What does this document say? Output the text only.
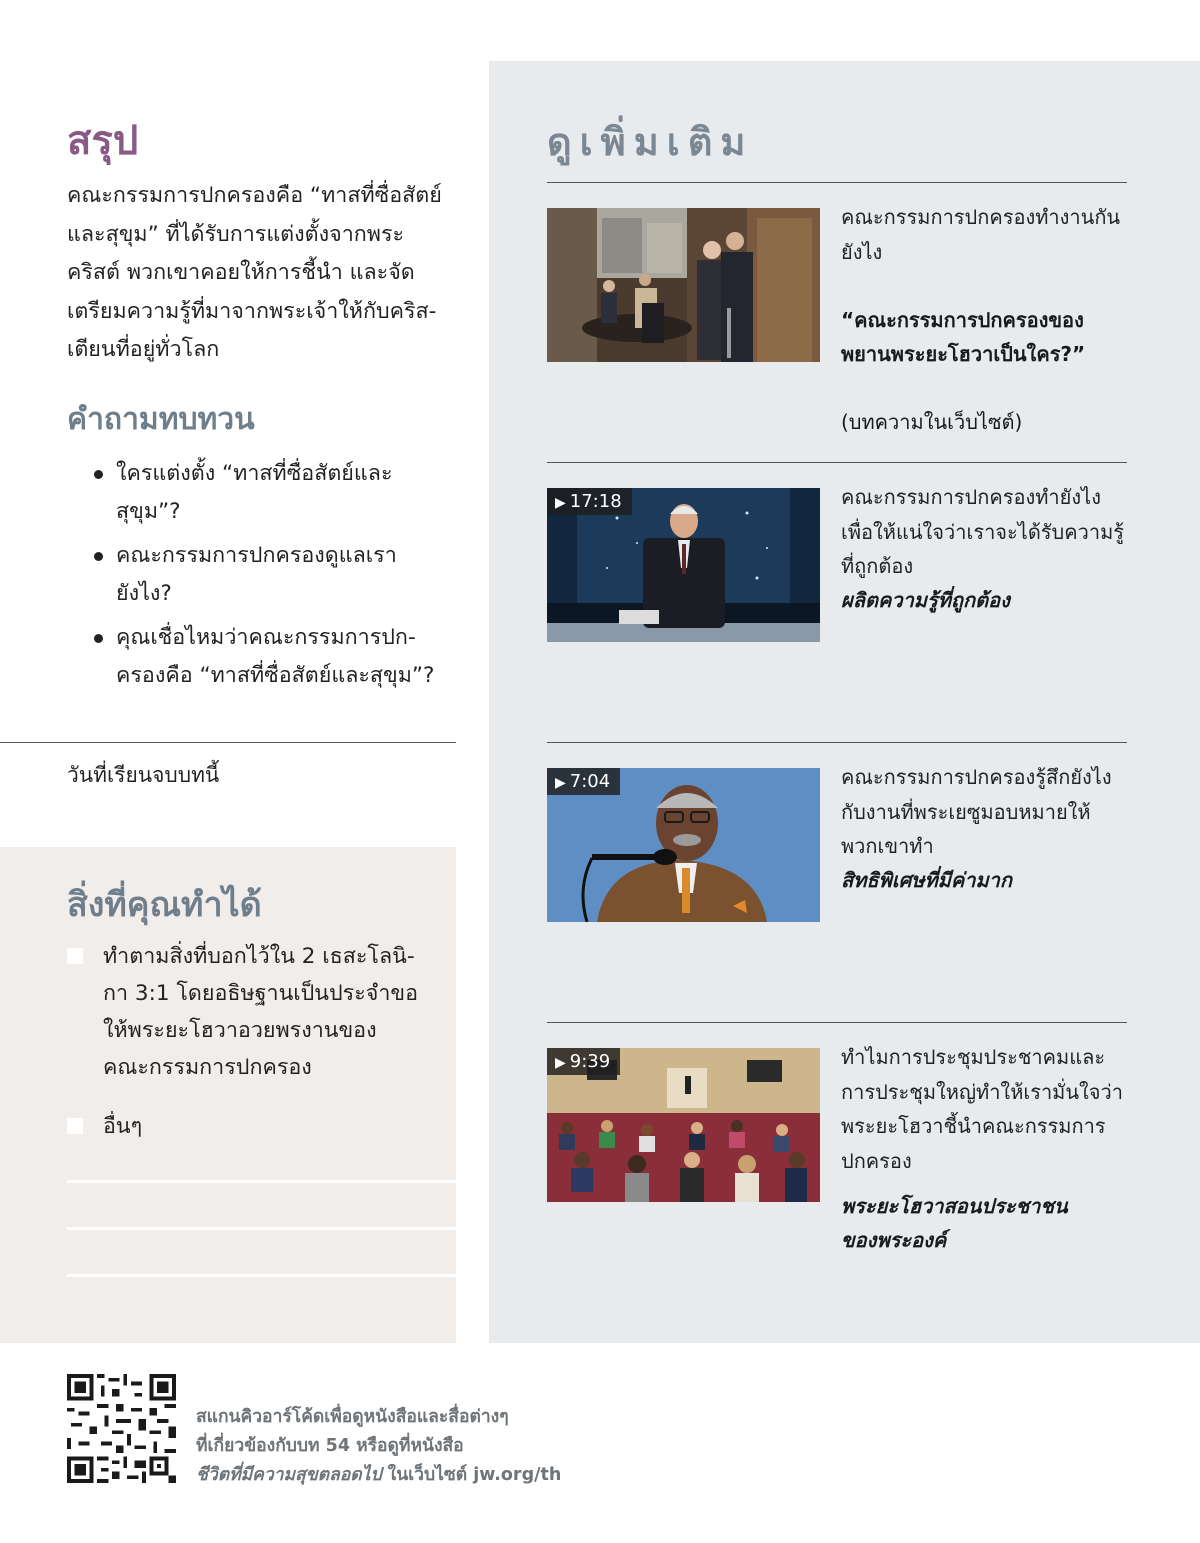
สรุป

คณะกรรมการปกครองคือ “ทาสที่ซื่อสัตย์
และสุขุม” ที่ได้รับการแต่งตั้งจากพระ
คริสต์ พวกเขาคอยให้การชี้นำ และจัด
เตรียมความรู้ที่มาจากพระเจ้าให้กับคริส-
เตียนที่อยู่ทั่วโลก

คำถามทบทวน
ใครแต่งตั้ง “ทาสที่ซื่อสัตย์และ
สุขุม”?
คณะกรรมการปกครองดูแลเรา
ยังไง?
คุณเชื่อไหมว่าคณะกรรมการปก-
ครองคือ “ทาสที่ซื่อสัตย์และสุขุม”?
วันที่เรียนจบบทนี้
สิ่งที่คุณทำได้
ทำตามสิ่งที่บอกไว้ใน 2 เธสะโลนิ-
กา 3:1 โดยอธิษฐานเป็นประจำขอ
ให้พระยะโฮวาอวยพรงานของ
คณะกรรมการปกครอง
อื่นๆ
ดูเพิ่มเติม
คณะกรรมการปกครองทำงานกัน
ยังไง

“คณะกรรมการปกครองของ
พยานพระยะโฮวาเป็นใคร?”

(บทความในเว็บไซต์)

▶ 17:18	คณะกรรมการปกครองทำยังไง
เพื่อให้แน่ใจว่าเราจะได้รับความรู้
ที่ถูกต้อง
ผลิตความรู้ที่ถูกต้อง
▶ 7:04	คณะกรรมการปกครองรู้สึกยังไง
กับงานที่พระเยซูมอบหมายให้
พวกเขาทำ
สิทธิพิเศษที่มีค่ามาก
▶ 9:39	ทำไมการประชุมประชาคมและ
การประชุมใหญ่ทำให้เรามั่นใจว่า
พระยะโฮวาชี้นำคณะกรรมการ
ปกครอง
พระยะโฮวาสอนประชาชน
ของพระองค์
สแกนคิวอาร์โค้ดเพื่อดูหนังสือและสื่อต่างๆ
ที่เกี่ยวข้องกับบท 54 หรือดูที่หนังสือ
ชีวิตที่มีความสุขตลอดไป ในเว็บไซต์ jw.org/th
